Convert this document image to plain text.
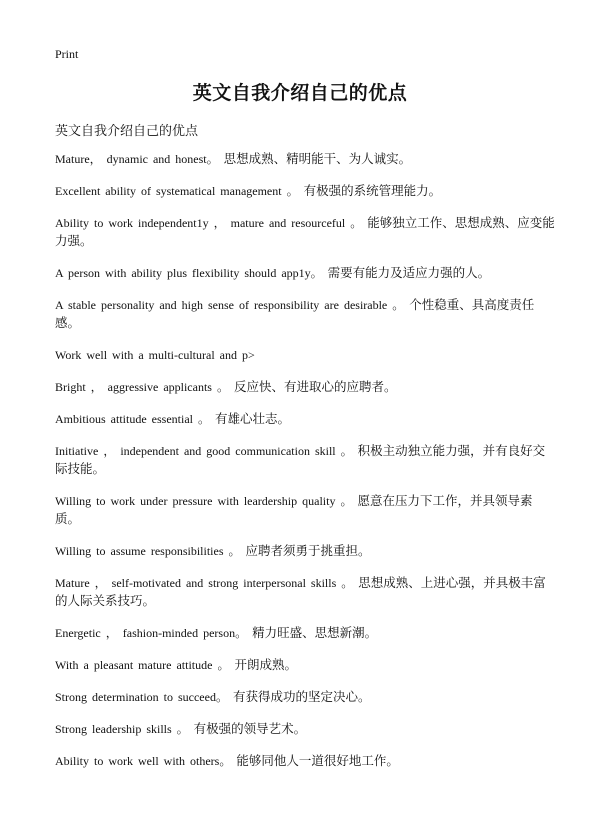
Print
英文自我介绍自己的优点
英文自我介绍自己的优点

Mature， dynamic and honest。 思想成熟、精明能干、为人诚实。

Excellent ability of systematical management 。 有极强的系统管理能力。

Ability to work independent1y ， mature and resourceful 。 能够独立工作、思想成熟、应变能力强。

A person with ability plus flexibility should app1y。 需要有能力及适应力强的人。

A stable personality and high sense of responsibility are desirable 。 个性稳重、具高度责任感。

Work well with a multi-cultural and p>

Bright ， aggressive applicants 。 反应快、有进取心的应聘者。

Ambitious attitude essential 。 有雄心壮志。

Initiative ， independent and good communication skill 。 积极主动独立能力强，并有良好交际技能。

Willing to work under pressure with leardership quality 。 愿意在压力下工作，并具领导素质。

Willing to assume responsibilities 。 应聘者须勇于挑重担。

Mature ， self-motivated and strong interpersonal skills 。 思想成熟、上进心强，并具极丰富的人际关系技巧。

Energetic ， fashion-minded person。 精力旺盛、思想新潮。

With a pleasant mature attitude 。 开朗成熟。

Strong determination to succeed。 有获得成功的坚定决心。

Strong leadership skills 。 有极强的领导艺术。

Ability to work well with others。 能够同他人一道很好地工作。
